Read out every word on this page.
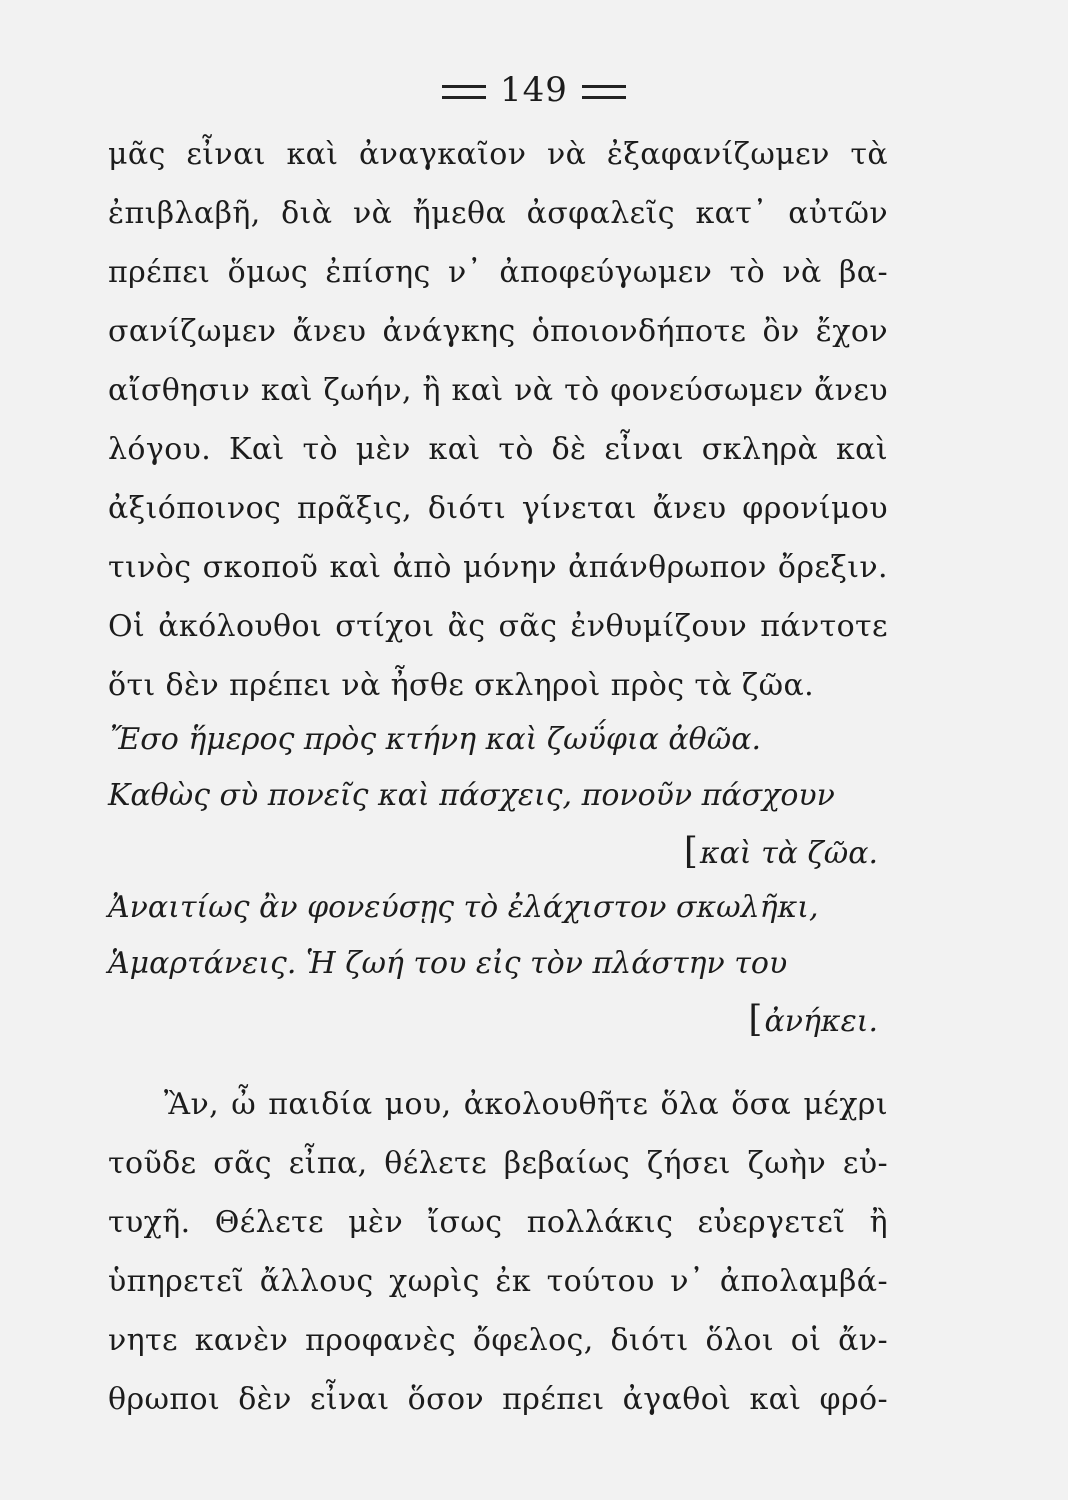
149
μᾶς εἶναι καὶ ἀναγκαῖον νὰ ἐξαφανίζωμεν τὰ
ἐπιβλαβῆ, διὰ νὰ ἤμεθα ἀσφαλεῖς κατ᾽ αὐτῶν
πρέπει ὅμως ἐπίσης ν᾽ ἀποφεύγωμεν τὸ νὰ βα-
σανίζωμεν ἄνευ ἀνάγκης ὁποιονδήποτε ὂν ἔχον
αἴσθησιν καὶ ζωήν, ἢ καὶ νὰ τὸ φονεύσωμεν ἄνευ
λόγου. Καὶ τὸ μὲν καὶ τὸ δὲ εἶναι σκληρὰ καὶ
ἀξιόποινος πρᾶξις, διότι γίνεται ἄνευ φρονίμου
τινὸς σκοποῦ καὶ ἀπὸ μόνην ἀπάνθρωπον ὄρεξιν.
Οἱ ἀκόλουθοι στίχοι ἂς σᾶς ἐνθυμίζουν πάντοτε
ὅτι δὲν πρέπει νὰ ἦσθε σκληροὶ πρὸς τὰ ζῶα.
Ἔσο ἥμερος πρὸς κτήνη καὶ ζωΰφια ἀθῶα.
Καθὼς σὺ πονεῖς καὶ πάσχεις, πονοῦν πάσχουν
[καὶ τὰ ζῶα.
Ἀναιτίως ἂν φονεύσῃς τὸ ἐλάχιστον σκωλῆκι,
Ἁμαρτάνεις. Ἡ ζωή του εἰς τὸν πλάστην του
[ἀνήκει.
Ἂν, ὦ παιδία μου, ἀκολουθῆτε ὅλα ὅσα μέχρι
τοῦδε σᾶς εἶπα, θέλετε βεβαίως ζήσει ζωὴν εὐ-
τυχῆ. Θέλετε μὲν ἴσως πολλάκις εὐεργετεῖ ἢ
ὑπηρετεῖ ἄλλους χωρὶς ἐκ τούτου ν᾽ ἀπολαμβά-
νητε κανὲν προφανὲς ὄφελος, διότι ὅλοι οἱ ἄν-
θρωποι δὲν εἶναι ὅσον πρέπει ἀγαθοὶ καὶ φρό-
